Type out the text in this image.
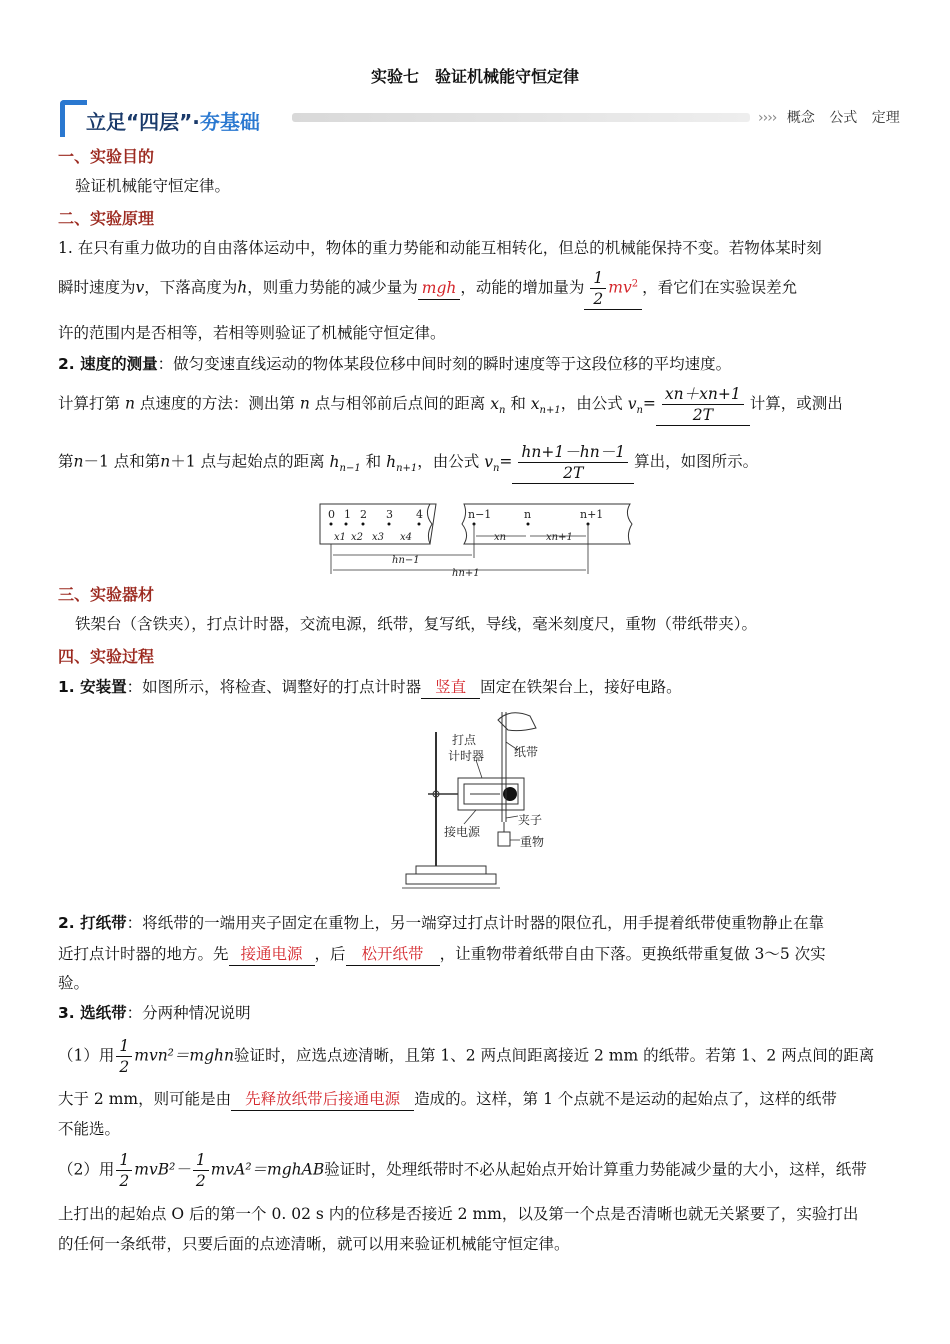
实验七　验证机械能守恒定律
立足“四层”·夯基础	›››› 概念 公式 定理
一、实验目的
验证机械能守恒定律。
二、实验原理
1. 在只有重力做功的自由落体运动中，物体的重力势能和动能互相转化，但总的机械能保持不变。若物体某时刻
瞬时速度为v，下落高度为h，则重力势能的减少量为 mgh ，动能的增加量为 $\frac{1}{2} mv^2$ ，看它们在实验误差允
许的范围内是否相等，若相等则验证了机械能守恒定律。
2. 速度的测量：做匀变速直线运动的物体某段位移中间时刻的瞬时速度等于这段位移的平均速度。
计算打第 n 点速度的方法：测出第 n 点与相邻前后点间的距离 $x_n$ 和 $x_{n+1}$，由公式 $v_n= \frac{xn+xn+1}{2T}$ 计算，或测出
第n－1 点和第n＋1 点与起始点的距离 $h_{n-1}$ 和 $h_{n+1}$，由公式 $v_n= \frac{hn+1-hn-1}{2T}$ 算出，如图所示。
0 1 2 3 4	n−1	n	n+1
x1 x2 x3 x4	xn	xn+1
hn−1
hn+1
三、实验器材
铁架台（含铁夹），打点计时器，交流电源，纸带，复写纸，导线，毫米刻度尺，重物（带纸带夹）。
四、实验过程
1. 安装置：如图所示，将检查、调整好的打点计时器 竖直 固定在铁架台上，接好电路。
打点
计时器 纸带
夹子
接电源
重物
2. 打纸带：将纸带的一端用夹子固定在重物上，另一端穿过打点计时器的限位孔，用手提着纸带使重物静止在靠
近打点计时器的地方。先 接通电源 ，后 松开纸带 ，让重物带着纸带自由下落。更换纸带重复做 3～5 次实
验。
3. 选纸带：分两种情况说明
（1）用 $\frac{1}{2}$ mvn²＝mghn验证时，应选点迹清晰，且第 1、2 两点间距离接近 2 mm 的纸带。若第 1、2 两点间的距离
大于 2 mm，则可能是由 先释放纸带后接通电源 造成的。这样，第 1 个点就不是运动的起始点了，这样的纸带
不能选。
（2）用 $\frac{1}{2} mvB^2- \frac{1}{2}$ mvA²＝mghAB验证时，处理纸带时不必从起始点开始计算重力势能减少量的大小，这样，纸带
上打出的起始点 O 后的第一个 0. 02 s 内的位移是否接近 2 mm，以及第一个点是否清晰也就无关紧要了，实验打出
的任何一条纸带，只要后面的点迹清晰，就可以用来验证机械能守恒定律。
